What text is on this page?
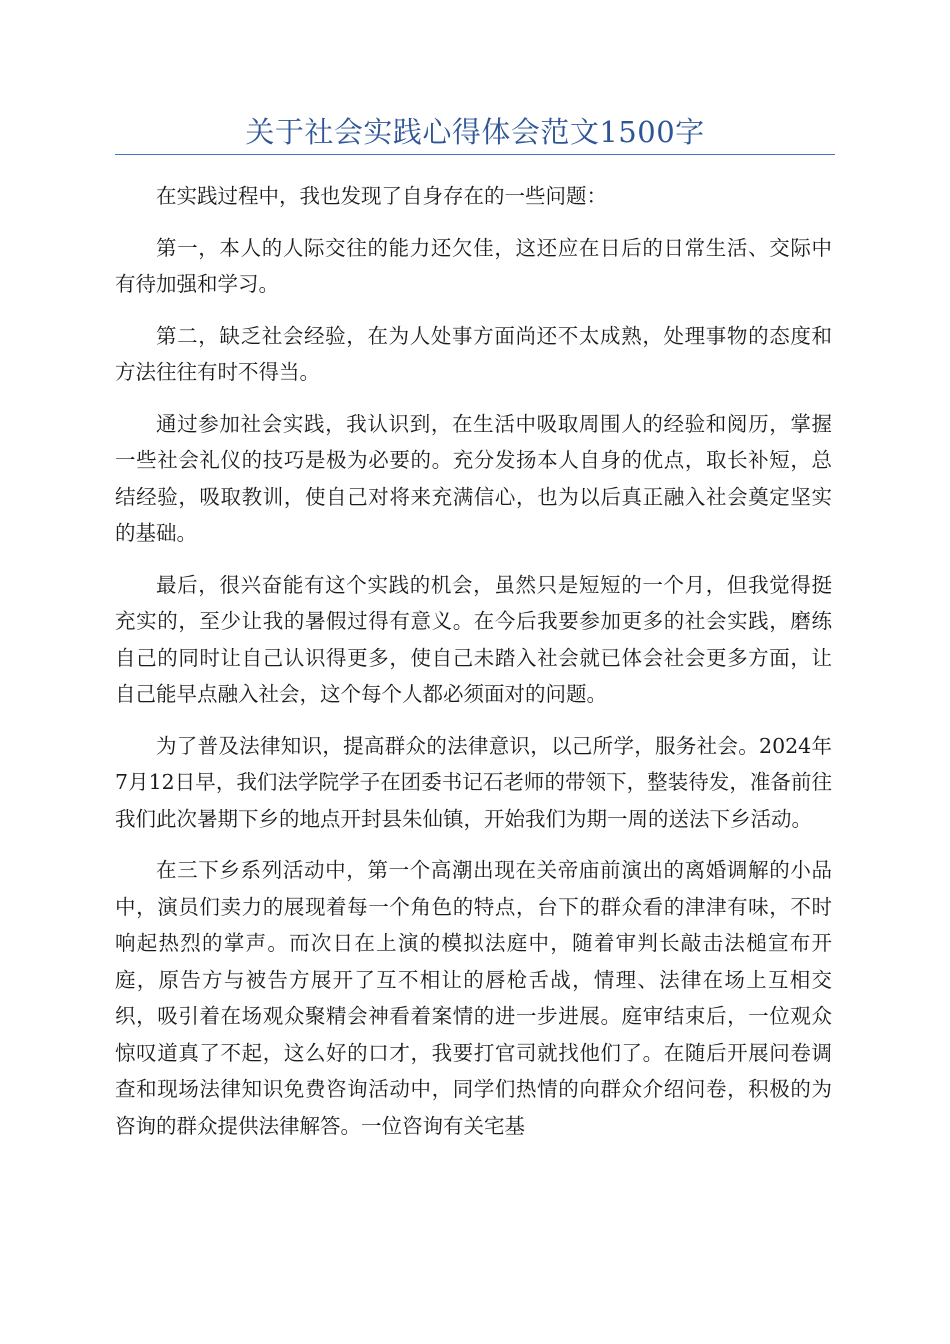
关于社会实践心得体会范文1500字

在实践过程中，我也发现了自身存在的一些问题：

第一，本人的人际交往的能力还欠佳，这还应在日后的日常生活、交际中有待加强和学习。

第二，缺乏社会经验，在为人处事方面尚还不太成熟，处理事物的态度和方法往往有时不得当。

通过参加社会实践，我认识到，在生活中吸取周围人的经验和阅历，掌握一些社会礼仪的技巧是极为必要的。充分发扬本人自身的优点，取长补短，总结经验，吸取教训，使自己对将来充满信心，也为以后真正融入社会奠定坚实的基础。

最后，很兴奋能有这个实践的机会，虽然只是短短的一个月，但我觉得挺充实的，至少让我的暑假过得有意义。在今后我要参加更多的社会实践，磨练自己的同时让自己认识得更多，使自己未踏入社会就已体会社会更多方面，让自己能早点融入社会，这个每个人都必须面对的问题。

为了普及法律知识，提高群众的法律意识，以己所学，服务社会。2024年7月12日早，我们法学院学子在团委书记石老师的带领下，整装待发，准备前往我们此次暑期下乡的地点开封县朱仙镇，开始我们为期一周的送法下乡活动。

在三下乡系列活动中，第一个高潮出现在关帝庙前演出的离婚调解的小品中，演员们卖力的展现着每一个角色的特点，台下的群众看的津津有味，不时响起热烈的掌声。而次日在上演的模拟法庭中，随着审判长敲击法槌宣布开庭，原告方与被告方展开了互不相让的唇枪舌战，情理、法律在场上互相交织，吸引着在场观众聚精会神看着案情的进一步进展。庭审结束后，一位观众惊叹道真了不起，这么好的口才，我要打官司就找他们了。在随后开展问卷调查和现场法律知识免费咨询活动中，同学们热情的向群众介绍问卷，积极的为咨询的群众提供法律解答。一位咨询有关宅基
